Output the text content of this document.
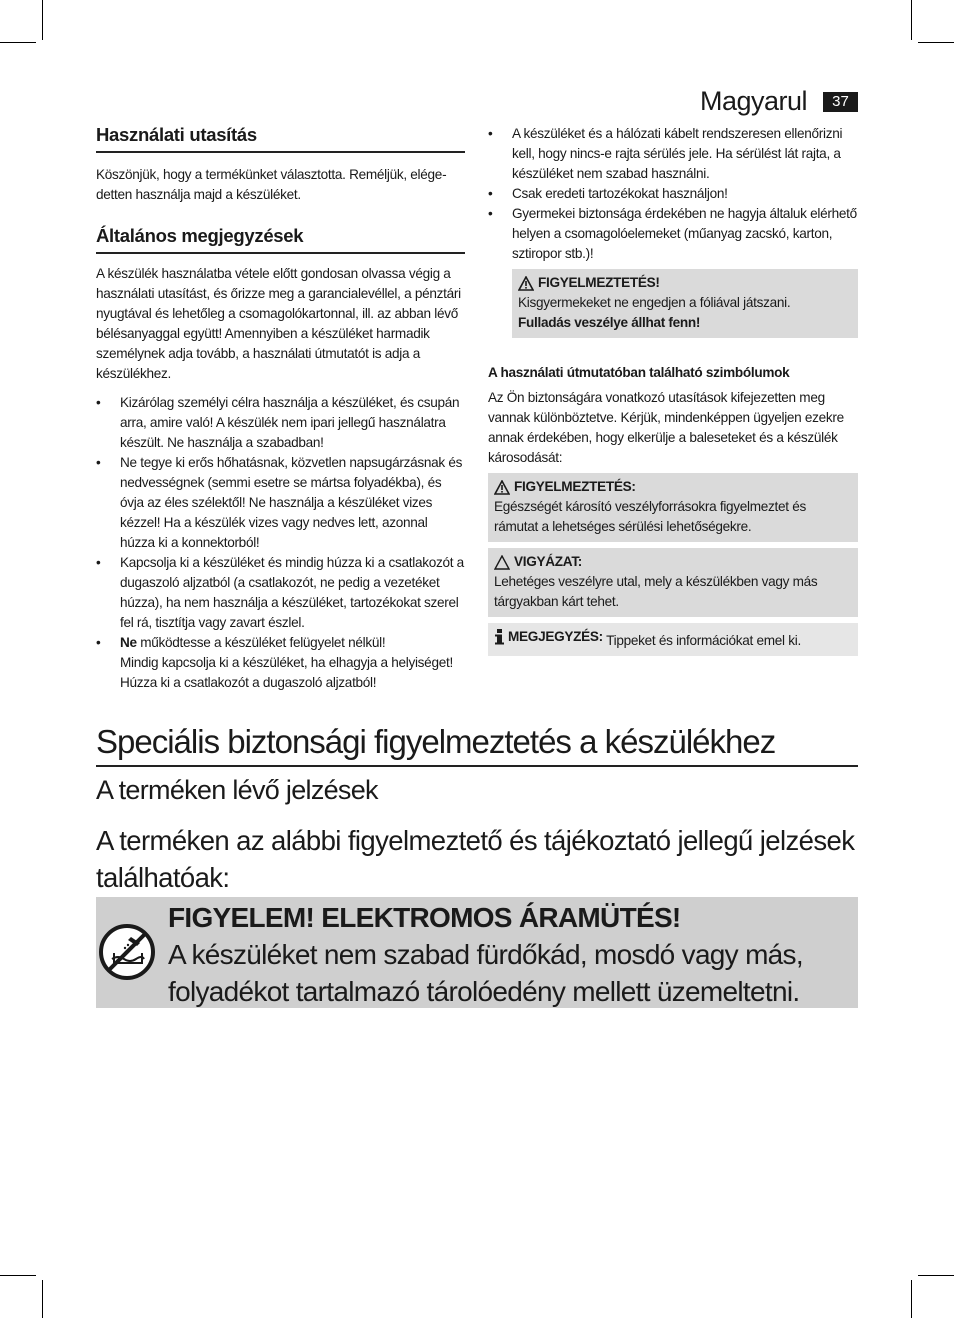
Magyarul	37
Használati utasítás

Köszönjük, hogy a termékünket választotta. Reméljük, elégedetten használja majd a készüléket.

Általános megjegyzések

A készülék használatba vétele előtt gondosan olvassa végig a használati utasítást, és őrizze meg a garancialevéllel, a pénztári nyugtával és lehetőleg a csomagolókartonnal, ill. az abban lévő bélésanyaggal együtt! Amennyiben a készüléket harmadik személynek adja tovább, a használati útmutatót is adja a készülékhez.

• Kizárólag személyi célra használja a készüléket, és csupán arra, amire való! A készülék nem ipari jellegű használatra készült. Ne használja a szabadban!
• Ne tegye ki erős hőhatásnak, közvetlen napsugárzásnak és nedvességnek (semmi esetre se mártsa folyadékba), és óvja az éles szélektől! Ne használja a készüléket vizes kézzel! Ha a készülék vizes vagy nedves lett, azonnal húzza ki a konnektorból!
• Kapcsolja ki a készüléket és mindig húzza ki a csatlakozót a dugaszoló aljzatból (a csatlakozót, ne pedig a vezetéket húzza), ha nem használja a készüléket, tartozékokat szerel fel rá, tisztítja vagy zavart észlel.
• Ne működtesse a készüléket felügyelet nélkül!
Mindig kapcsolja ki a készüléket, ha elhagyja a helyiséget! Húzza ki a csatlakozót a dugaszoló aljzatból!
• A készüléket és a hálózati kábelt rendszeresen ellenőrizni kell, hogy nincs-e rajta sérülés jele. Ha sérülést lát rajta, a készüléket nem szabad használni.
• Csak eredeti tartozékokat használjon!
• Gyermekei biztonsága érdekében ne hagyja általuk elérhető helyen a csomagolóelemeket (műanyag zacskó, karton, sztiropor stb.)!
FIGYELMEZTETÉS!
Kisgyermekeket ne engedjen a fóliával játszani.
Fulladás veszélye állhat fenn!
A használati útmutatóban található szimbólumok

Az Ön biztonságára vonatkozó utasítások kifejezetten meg vannak különböztetve. Kérjük, mindenképpen ügyeljen ezekre annak érdekében, hogy elkerülje a baleseteket és a készülék károsodását:

FIGYELMEZTETÉS:
Egészségét károsító veszélyforrásokra figyelmeztet és rámutat a lehetséges sérülési lehetőségekre.
VIGYÁZAT:
Lehetéges veszélyre utal, mely a készülékben vagy más tárgyakban kárt tehet.
MEGJEGYZÉS: Tippeket és információkat emel ki.
Speciális biztonsági figyelmeztetés a készülékhez
A terméken lévő jelzések
A terméken az alábbi figyelmeztető és tájékoztató jellegű jelzések találhatóak:
FIGYELEM! ELEKTROMOS ÁRAMÜTÉS!
A készüléket nem szabad fürdőkád, mosdó vagy más, folyadékot tartalmazó tárolóedény mellett üzemeltetni.
